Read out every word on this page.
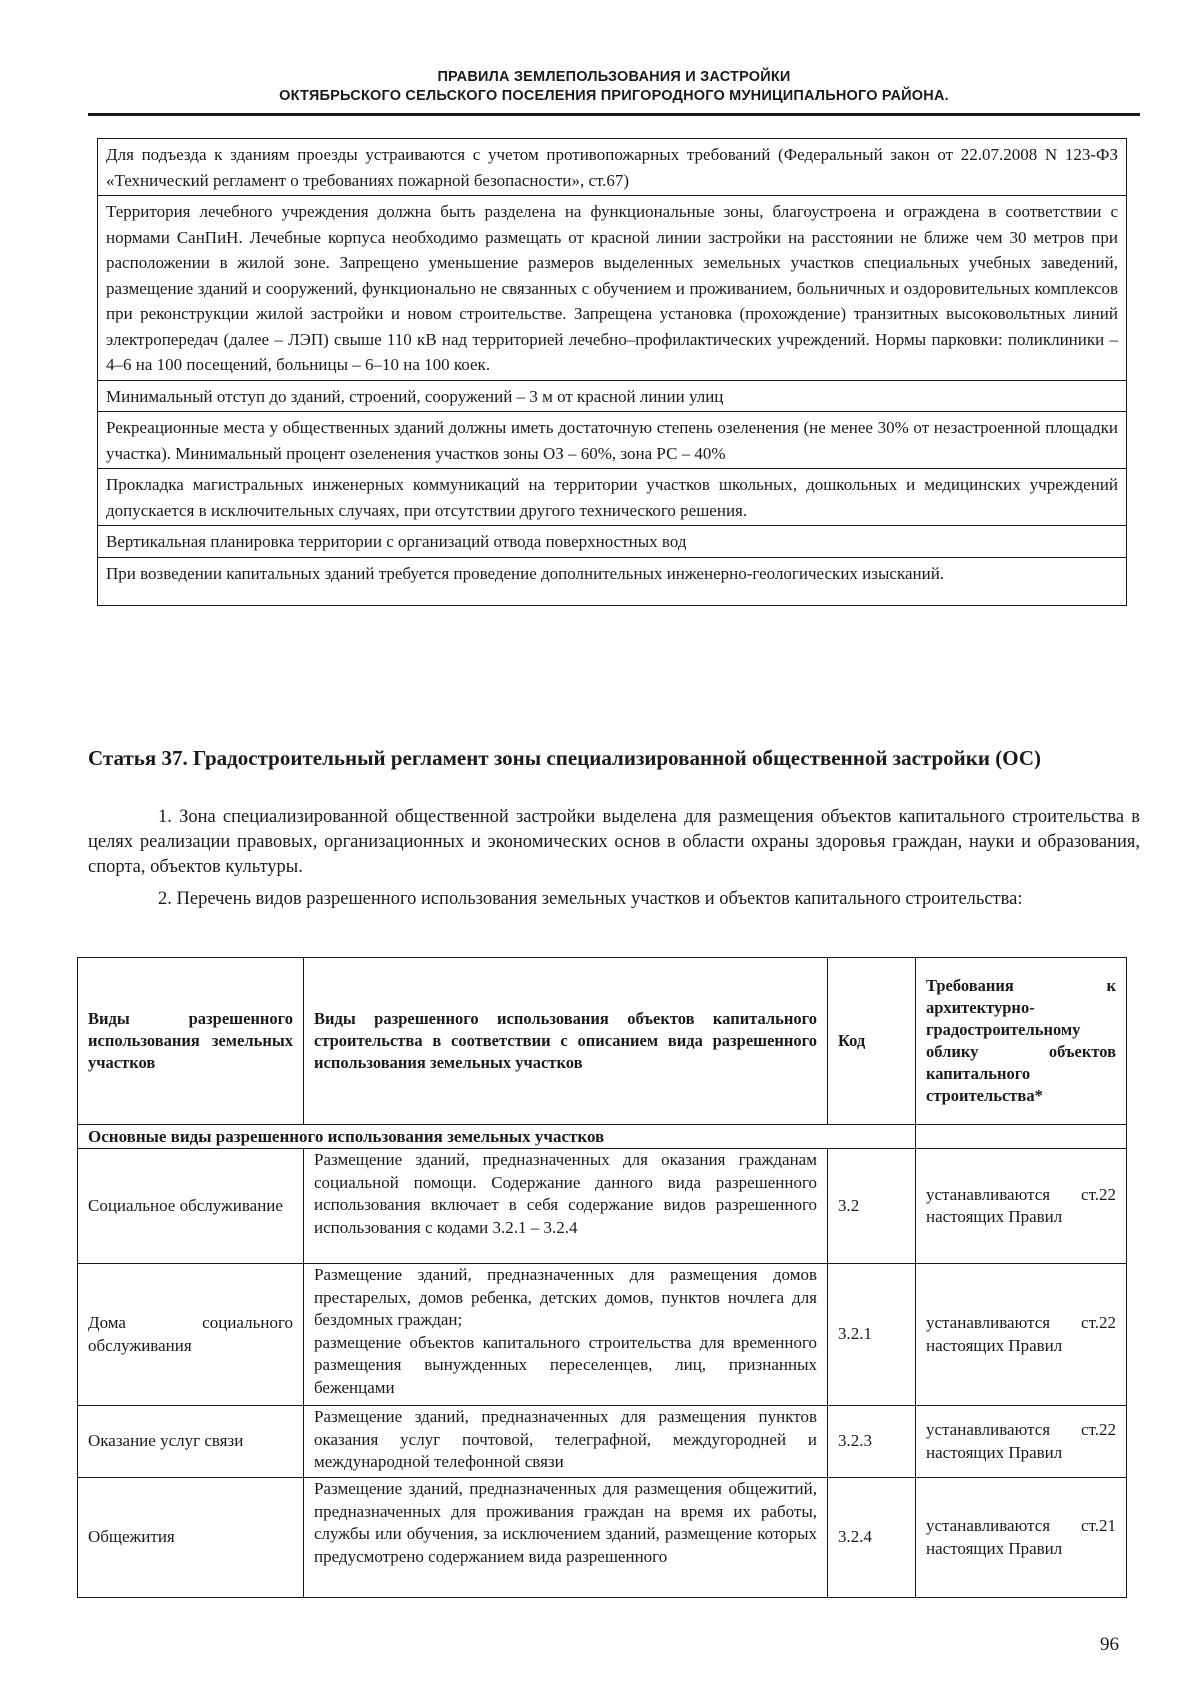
ПРАВИЛА ЗЕМЛЕПОЛЬЗОВАНИЯ И ЗАСТРОЙКИ
ОКТЯБРЬСКОГО СЕЛЬСКОГО ПОСЕЛЕНИЯ ПРИГОРОДНОГО МУНИЦИПАЛЬНОГО РАЙОНА.
Для подъезда к зданиям проезды устраиваются с учетом противопожарных требований (Федеральный закон от 22.07.2008 N 123-ФЗ «Технический регламент о требованиях пожарной безопасности», ст.67)
Территория лечебного учреждения должна быть разделена на функциональные зоны, благоустроена и ограждена в соответствии с нормами СанПиН. Лечебные корпуса необходимо размещать от красной линии застройки на расстоянии не ближе чем 30 метров при расположении в жилой зоне. Запрещено уменьшение размеров выделенных земельных участков специальных учебных заведений, размещение зданий и сооружений, функционально не связанных с обучением и проживанием, больничных и оздоровительных комплексов при реконструкции жилой застройки и новом строительстве. Запрещена установка (прохождение) транзитных высоковольтных линий электропередач (далее – ЛЭП) свыше 110 кВ над территорией лечебно–профилактических учреждений. Нормы парковки: поликлиники – 4–6 на 100 посещений, больницы – 6–10 на 100 коек.
Минимальный отступ до зданий, строений, сооружений – 3 м от красной линии улиц
Рекреационные места у общественных зданий должны иметь достаточную степень озеленения (не менее 30% от незастроенной площадки участка). Минимальный процент озеленения участков зоны ОЗ – 60%, зона РС – 40%
Прокладка магистральных инженерных коммуникаций на территории участков школьных, дошкольных и медицинских учреждений допускается в исключительных случаях, при отсутствии другого технического решения.
Вертикальная планировка территории с организаций отвода поверхностных вод
При возведении капитальных зданий требуется проведение дополнительных инженерно-геологических изысканий.
Статья 37. Градостроительный регламент зоны специализированной общественной застройки (ОС)

1. Зона специализированной общественной застройки выделена для размещения объектов капитального строительства в целях реализации правовых, организационных и экономических основ в области охраны здоровья граждан, науки и образования, спорта, объектов культуры.

2. Перечень видов разрешенного использования земельных участков и объектов капитального строительства:

Виды разрешенного использования земельных участков	Виды разрешенного использования объектов капитального строительства в соответствии с описанием вида разрешенного использования земельных участков	Код	Требования к архитектурно-градостроительному облику объектов капитального строительства*
Основные виды разрешенного использования земельных участков			
Социальное обслуживание	Размещение зданий, предназначенных для оказания гражданам социальной помощи. Содержание данного вида разрешенного использования включает в себя содержание видов разрешенного использования с кодами 3.2.1 – 3.2.4	3.2	устанавливаются ст.22 настоящих Правил
Дома социального обслуживания	Размещение зданий, предназначенных для размещения домов престарелых, домов ребенка, детских домов, пунктов ночлега для бездомных граждан;
размещение объектов капитального строительства для временного размещения вынужденных переселенцев, лиц, признанных беженцами	3.2.1	устанавливаются ст.22 настоящих Правил
Оказание услуг связи	Размещение зданий, предназначенных для размещения пунктов оказания услуг почтовой, телеграфной, междугородней и международной телефонной связи	3.2.3	устанавливаются ст.22 настоящих Правил
Общежития	Размещение зданий, предназначенных для размещения общежитий, предназначенных для проживания граждан на время их работы, службы или обучения, за исключением зданий, размещение которых предусмотрено содержанием вида разрешенного	3.2.4	устанавливаются ст.21 настоящих Правил
96
